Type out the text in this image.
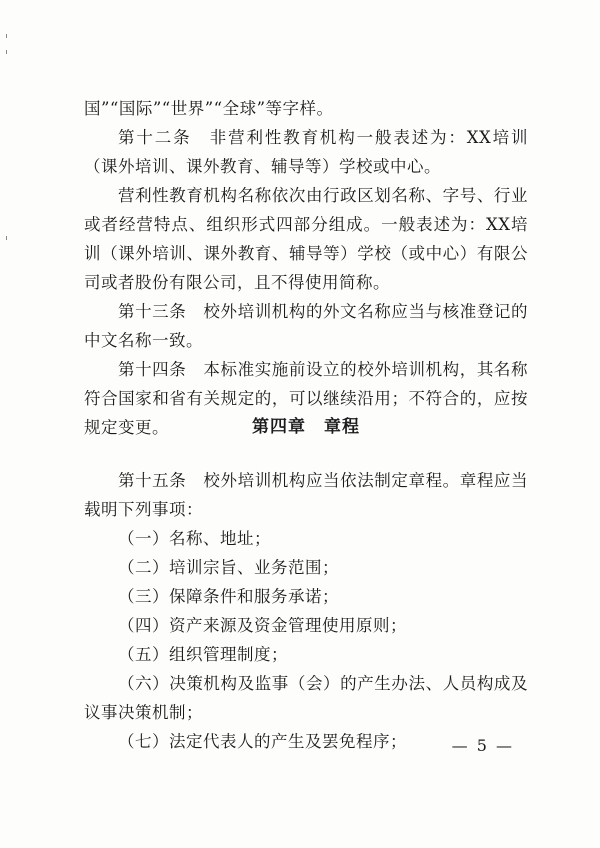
国”“国际”“世界”“全球”等字样。

第十二条　非营利性教育机构一般表述为：XX培训（课外培训、课外教育、辅导等）学校或中心。

营利性教育机构名称依次由行政区划名称、字号、行业或者经营特点、组织形式四部分组成。一般表述为：XX培训（课外培训、课外教育、辅导等）学校（或中心）有限公司或者股份有限公司，且不得使用简称。

第十三条　校外培训机构的外文名称应当与核准登记的中文名称一致。

第十四条　本标准实施前设立的校外培训机构，其名称符合国家和省有关规定的，可以继续沿用；不符合的，应按规定变更。	第四章　章程

第十五条　校外培训机构应当依法制定章程。章程应当载明下列事项：

（一）名称、地址；

（二）培训宗旨、业务范围；

（三）保障条件和服务承诺；

（四）资产来源及资金管理使用原则；

（五）组织管理制度；

（六）决策机构及监事（会）的产生办法、人员构成及议事决策机制；

（七）法定代表人的产生及罢免程序；	— 5 —
